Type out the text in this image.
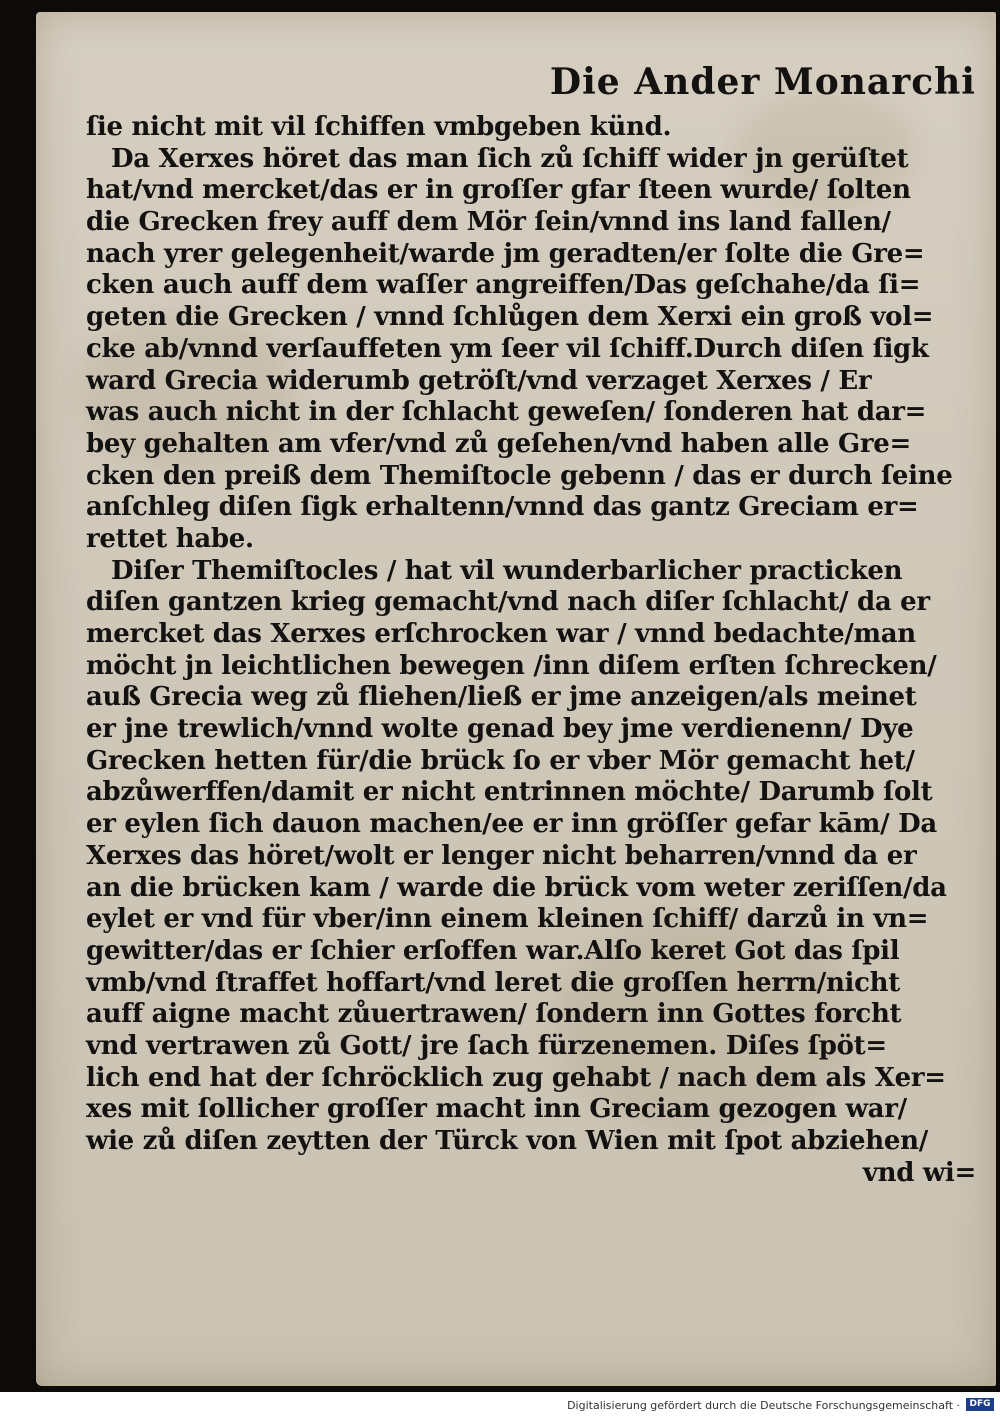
Die Ander Monarchi
ſie nicht mit vil ſchiffen vmbgeben künd.
Da Xerxes höret das man ſich zů ſchiff wider jn gerüſtet
hat/vnd mercket/das er in groſſer gfar ſteen wurde/ ſolten
die Grecken frey auff dem Mör ſein/vnnd ins land fallen/
nach yrer gelegenheit/warde jm geradten/er ſolte die Gre=
cken auch auff dem waſſer angreiffen/Das geſchahe/da ſi=
geten die Grecken / vnnd ſchlůgen dem Xerxi ein groß vol=
cke ab/vnnd verſauffeten ym ſeer vil ſchiff.Durch diſen ſigk
ward Grecia widerumb getröſt/vnd verzaget Xerxes / Er
was auch nicht in der ſchlacht geweſen/ ſonderen hat dar=
bey gehalten am vfer/vnd zů geſehen/vnd haben alle Gre=
cken den preiß dem Themiſtocle gebenn / das er durch ſeine
anſchleg diſen ſigk erhaltenn/vnnd das gantz Greciam er=
rettet habe.
Diſer Themiſtocles / hat vil wunderbarlicher practicken
diſen gantzen krieg gemacht/vnd nach diſer ſchlacht/ da er
mercket das Xerxes erſchrocken war / vnnd bedachte/man
möcht jn leichtlichen bewegen /inn diſem erſten ſchrecken/
auß Grecia weg zů fliehen/ließ er jme anzeigen/als meinet
er jne trewlich/vnnd wolte genad bey jme verdienenn/ Dye
Grecken hetten für/die brück ſo er vber Mör gemacht het/
abzůwerffen/damit er nicht entrinnen möchte/ Darumb ſolt
er eylen ſich dauon machen/ee er inn gröſſer gefar kām/ Da
Xerxes das höret/wolt er lenger nicht beharren/vnnd da er
an die brücken kam / warde die brück vom weter zeriſſen/da
eylet er vnd für vber/inn einem kleinen ſchiff/ darzů in vn=
gewitter/das er ſchier erſoffen war.Alſo keret Got das ſpil
vmb/vnd ſtraffet hoffart/vnd leret die groſſen herrn/nicht
auff aigne macht zůuertrawen/ ſondern inn Gottes forcht
vnd vertrawen zů Gott/ jre ſach fürzenemen. Diſes ſpöt=
lich end hat der ſchröcklich zug gehabt / nach dem als Xer=
xes mit ſollicher groſſer macht inn Greciam gezogen war/
wie zů diſen zeytten der Türck von Wien mit ſpot abziehen/
vnd wi=
Digitalisierung gefördert durch die Deutsche Forschungsgemeinschaft ·	DFG
